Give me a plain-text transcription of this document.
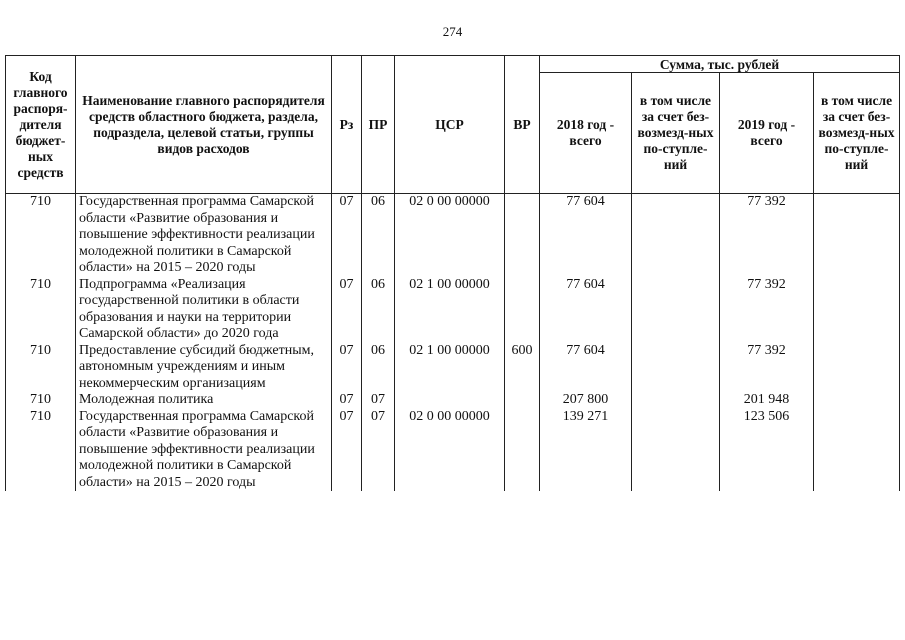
274
Код главного распоря-дителя бюджет-ных средств	Наименование главного распорядителя средств областного бюджета, раздела, подраздела, целевой статьи, группы видов расходов	Рз	ПР	ЦСР	ВР	Сумма, тыс. рублей			
						2018 год - всего	в том числе за счет без-возмезд-ных по-ступле-ний	2019 год - всего	в том числе за счет без-возмезд-ных по-ступле-ний
710	Государственная программа Самарской области «Развитие образования и повышение эффективности реализации молодежной политики в Самарской области» на 2015 – 2020 годы	07	06	02 0 00 00000		77 604		77 392	
710	Подпрограмма «Реализация государственной политики в области образования и науки на территории Самарской области» до 2020 года	07	06	02 1 00 00000		77 604		77 392	
710	Предоставление субсидий бюджетным, автономным учреждениям и иным некоммерческим организациям	07	06	02 1 00 00000	600	77 604		77 392	
710	Молодежная политика	07	07			207 800		201 948	
710	Государственная программа Самарской области «Развитие образования и повышение эффективности реализации молодежной политики в Самарской области» на 2015 – 2020 годы	07	07	02 0 00 00000		139 271		123 506	
